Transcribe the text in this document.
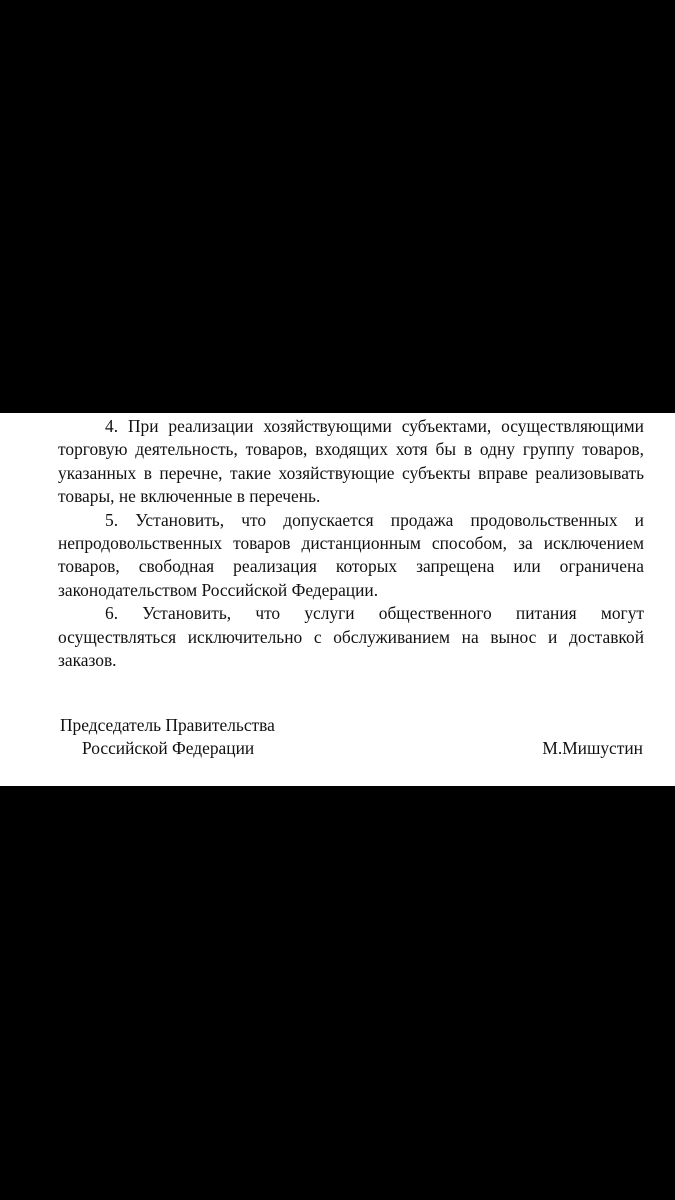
4. При реализации хозяйствующими субъектами, осуществляющими торговую деятельность, товаров, входящих хотя бы в одну группу товаров, указанных в перечне, такие хозяйствующие субъекты вправе реализовывать товары, не включенные в перечень.

5. Установить, что допускается продажа продовольственных и непродовольственных товаров дистанционным способом, за исключением товаров, свободная реализация которых запрещена или ограничена законодательством Российской Федерации.

6. Установить, что услуги общественного питания могут осуществляться исключительно с обслуживанием на вынос и доставкой заказов.

Председатель Правительства
Российской Федерации	М.Мишустин
